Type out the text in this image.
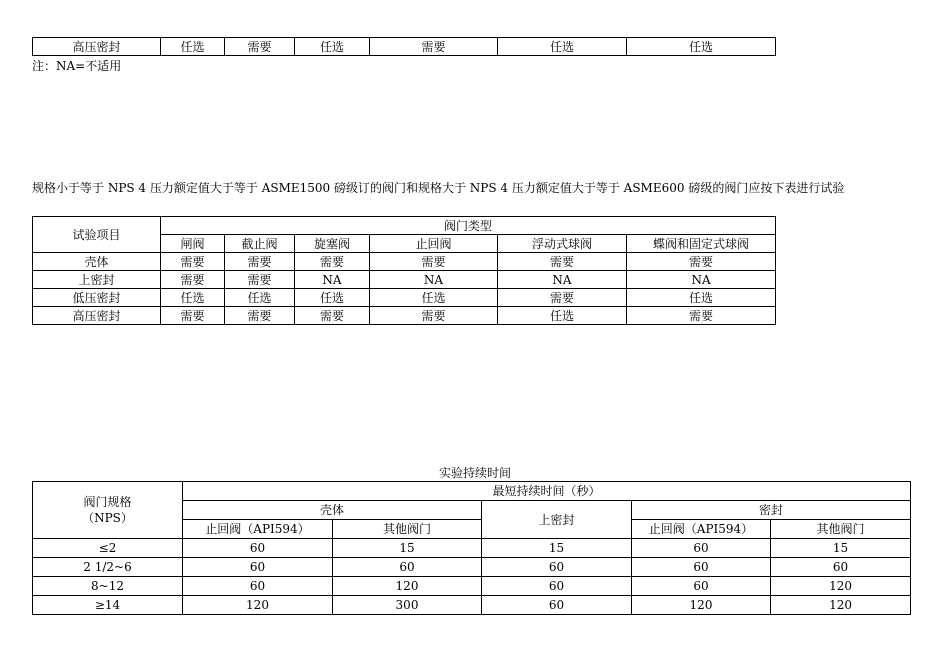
高压密封	任选	需要	任选	需要	任选	任选
注：NA=不适用
规格小于等于 NPS 4 压力额定值大于等于 ASME1500 磅级订的阀门和规格大于 NPS 4 压力额定值大于等于 ASME600 磅级的阀门应按下表进行试验
试验项目	阀门类型					
	闸阀	截止阀	旋塞阀	止回阀	浮动式球阀	蝶阀和固定式球阀
壳体	需要	需要	需要	需要	需要	需要
上密封	需要	需要	NA	NA	NA	NA
低压密封	任选	任选	任选	任选	需要	任选
高压密封	需要	需要	需要	需要	任选	需要
实验持续时间
阀门规格
（NPS）	最短持续时间（秒）				
	壳体		上密封	密封	
	止回阀（API594）	其他阀门		止回阀（API594）	其他阀门
≤2	60	15	15	60	15
2 1/2~6	60	60	60	60	60
8~12	60	120	60	60	120
≥14	120	300	60	120	120
